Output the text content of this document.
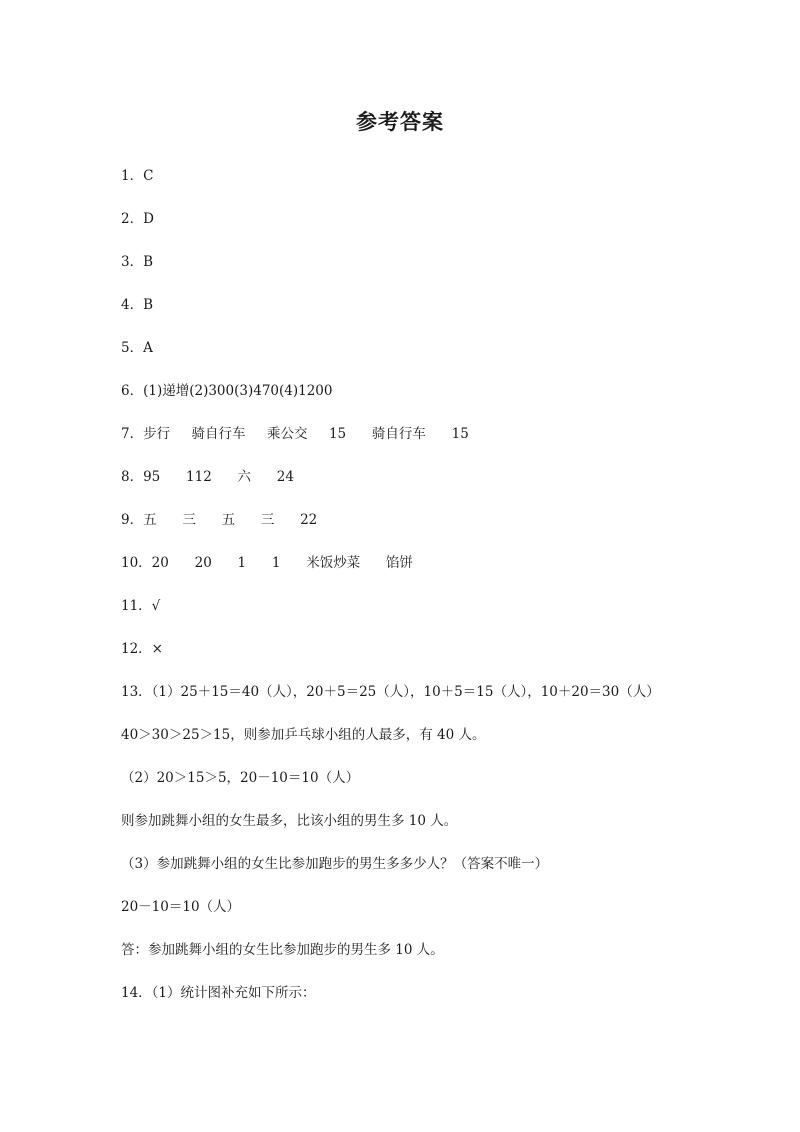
参考答案
1．C
2．D
3．B
4．B
5．A
6．(1)递增(2)300(3)470(4)1200
7．步行     骑自行车     乘公交     15      骑自行车      15
8．95      112      六      24
9．五      三      五      三      22
10．20      20      1      1      米饭炒菜      馅饼
11．√
12．×
13．（1）25＋15＝40（人），20＋5＝25（人），10＋5＝15（人），10＋20＝30（人）
40＞30＞25＞15，则参加乒乓球小组的人最多，有 40 人。
（2）20＞15＞5，20－10＝10（人）
则参加跳舞小组的女生最多，比该小组的男生多 10 人。
（3）参加跳舞小组的女生比参加跑步的男生多多少人？（答案不唯一）
20－10＝10（人）
答：参加跳舞小组的女生比参加跑步的男生多 10 人。
14．（1）统计图补充如下所示：
